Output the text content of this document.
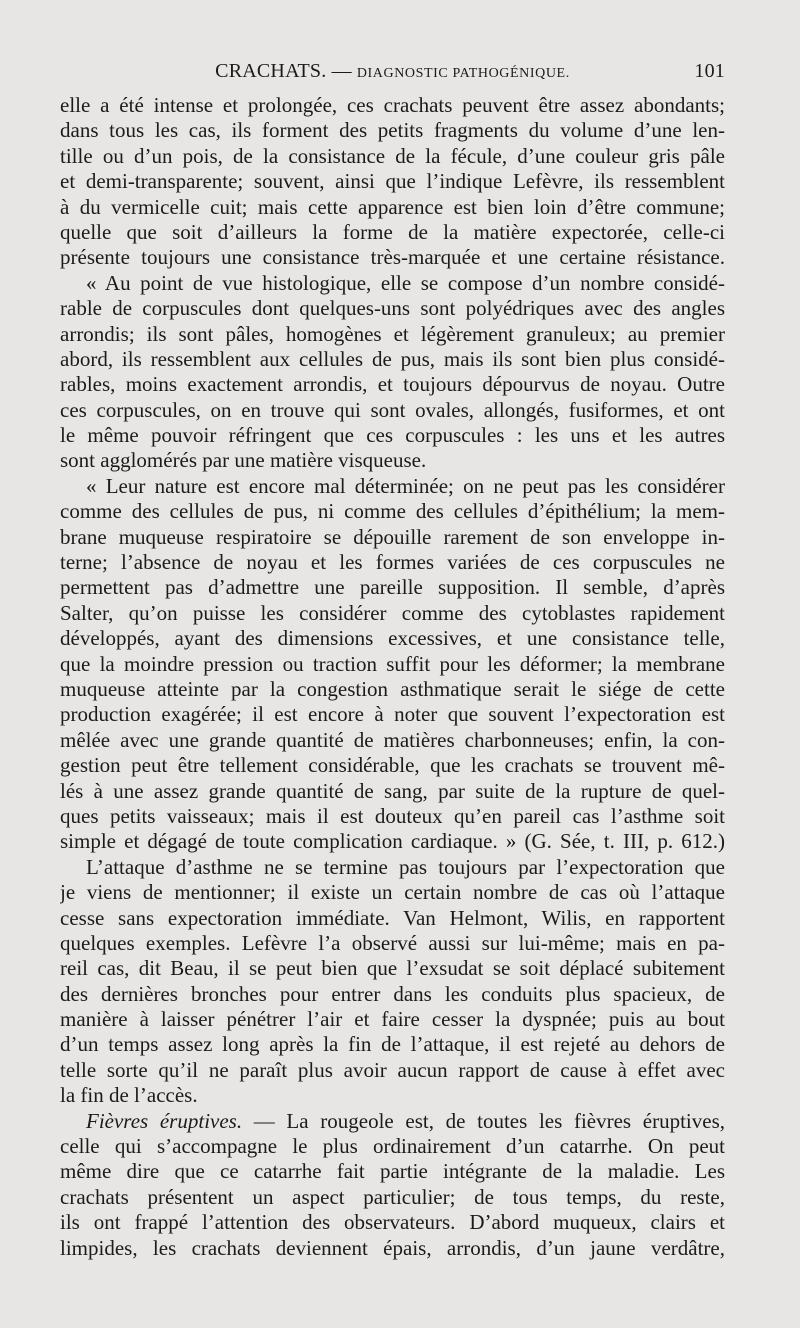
CRACHATS. — DIAGNOSTIC PATHOGÉNIQUE.	101
elle a été intense et prolongée, ces crachats peuvent être assez abondants;
dans tous les cas, ils forment des petits fragments du volume d’une len-
tille ou d’un pois, de la consistance de la fécule, d’une couleur gris pâle
et demi-transparente; souvent, ainsi que l’indique Lefèvre, ils ressemblent
à du vermicelle cuit; mais cette apparence est bien loin d’être commune;
quelle que soit d’ailleurs la forme de la matière expectorée, celle-ci
présente toujours une consistance très-marquée et une certaine résistance.
« Au point de vue histologique, elle se compose d’un nombre considé-
rable de corpuscules dont quelques-uns sont polyédriques avec des angles
arrondis; ils sont pâles, homogènes et légèrement granuleux; au premier
abord, ils ressemblent aux cellules de pus, mais ils sont bien plus considé-
rables, moins exactement arrondis, et toujours dépourvus de noyau. Outre
ces corpuscules, on en trouve qui sont ovales, allongés, fusiformes, et ont
le même pouvoir réfringent que ces corpuscules : les uns et les autres
sont agglomérés par une matière visqueuse.
« Leur nature est encore mal déterminée; on ne peut pas les considérer
comme des cellules de pus, ni comme des cellules d’épithélium; la mem-
brane muqueuse respiratoire se dépouille rarement de son enveloppe in-
terne; l’absence de noyau et les formes variées de ces corpuscules ne
permettent pas d’admettre une pareille supposition. Il semble, d’après
Salter, qu’on puisse les considérer comme des cytoblastes rapidement
développés, ayant des dimensions excessives, et une consistance telle,
que la moindre pression ou traction suffit pour les déformer; la membrane
muqueuse atteinte par la congestion asthmatique serait le siége de cette
production exagérée; il est encore à noter que souvent l’expectoration est
mêlée avec une grande quantité de matières charbonneuses; enfin, la con-
gestion peut être tellement considérable, que les crachats se trouvent mê-
lés à une assez grande quantité de sang, par suite de la rupture de quel-
ques petits vaisseaux; mais il est douteux qu’en pareil cas l’asthme soit
simple et dégagé de toute complication cardiaque. » (G. Sée, t. III, p. 612.)
L’attaque d’asthme ne se termine pas toujours par l’expectoration que
je viens de mentionner; il existe un certain nombre de cas où l’attaque
cesse sans expectoration immédiate. Van Helmont, Wilis, en rapportent
quelques exemples. Lefèvre l’a observé aussi sur lui-même; mais en pa-
reil cas, dit Beau, il se peut bien que l’exsudat se soit déplacé subitement
des dernières bronches pour entrer dans les conduits plus spacieux, de
manière à laisser pénétrer l’air et faire cesser la dyspnée; puis au bout
d’un temps assez long après la fin de l’attaque, il est rejeté au dehors de
telle sorte qu’il ne paraît plus avoir aucun rapport de cause à effet avec
la fin de l’accès.
Fièvres éruptives. — La rougeole est, de toutes les fièvres éruptives,
celle qui s’accompagne le plus ordinairement d’un catarrhe. On peut
même dire que ce catarrhe fait partie intégrante de la maladie. Les
crachats présentent un aspect particulier; de tous temps, du reste,
ils ont frappé l’attention des observateurs. D’abord muqueux, clairs et
limpides, les crachats deviennent épais, arrondis, d’un jaune verdâtre,
